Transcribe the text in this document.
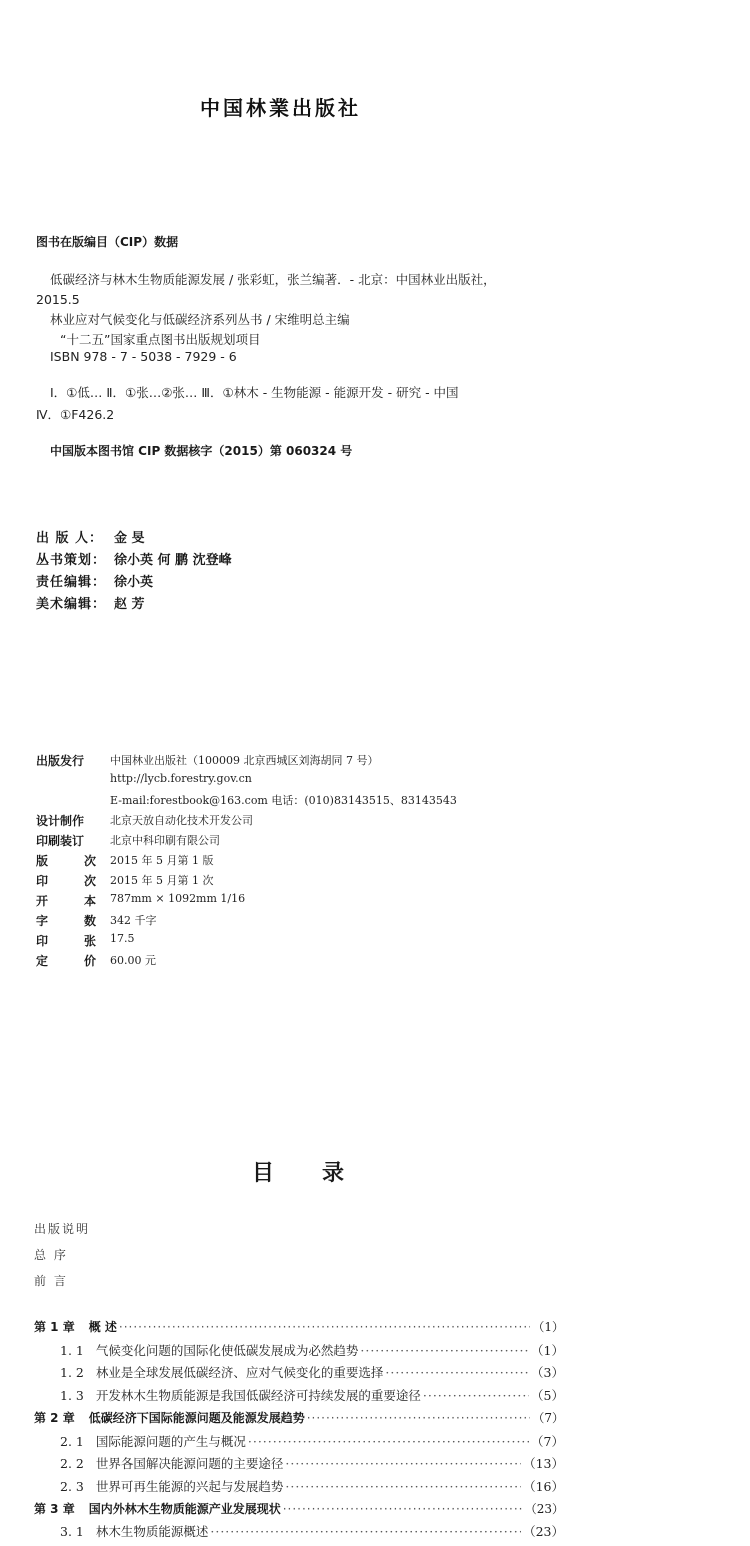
中国林業出版社
图书在版编目（CIP）数据
低碳经济与林木生物质能源发展 / 张彩虹，张兰编著．- 北京：中国林业出版社，
2015.5
林业应对气候变化与低碳经济系列丛书 / 宋维明总主编
“十二五”国家重点图书出版规划项目
ISBN 978 - 7 - 5038 - 7929 - 6
Ⅰ．①低… Ⅱ．①张…②张… Ⅲ．①林木 - 生物能源 - 能源开发 - 研究 - 中国
Ⅳ．①F426.2
中国版本图书馆 CIP 数据核字（2015）第 060324 号
出 版 人： 金 旻
丛书策划： 徐小英 何 鹏 沈登峰
责任编辑： 徐小英
美术编辑： 赵 芳
出版发行 中国林业出版社（100009 北京西城区刘海胡同 7 号）
http://lycb.forestry.gov.cn
E-mail:forestbook@163.com 电话：(010)83143515、83143543
设计制作 北京天放自动化技术开发公司
印刷装订 北京中科印刷有限公司
版次 2015 年 5 月第 1 版
印次 2015 年 5 月第 1 次
开本 787mm × 1092mm 1/16
字数 342 千字
印张 17.5
定价 60.00 元
目录
出版说明
总 序
前 言
第 1 章 概 述 ·····	（1）
1. 1 气候变化问题的国际化使低碳发展成为必然趋势 ·····	（1）
1. 2 林业是全球发展低碳经济、应对气候变化的重要选择 ·····	（3）
1. 3 开发林木生物质能源是我国低碳经济可持续发展的重要途径 ·····	（5）
第 2 章 低碳经济下国际能源问题及能源发展趋势 ·····	（7）
2. 1 国际能源问题的产生与概况 ·····	（7）
2. 2 世界各国解决能源问题的主要途径 ·····	（13）
2. 3 世界可再生能源的兴起与发展趋势 ·····	（16）
第 3 章 国内外林木生物质能源产业发展现状 ·····	（23）
3. 1 林木生物质能源概述 ·····	（23）
